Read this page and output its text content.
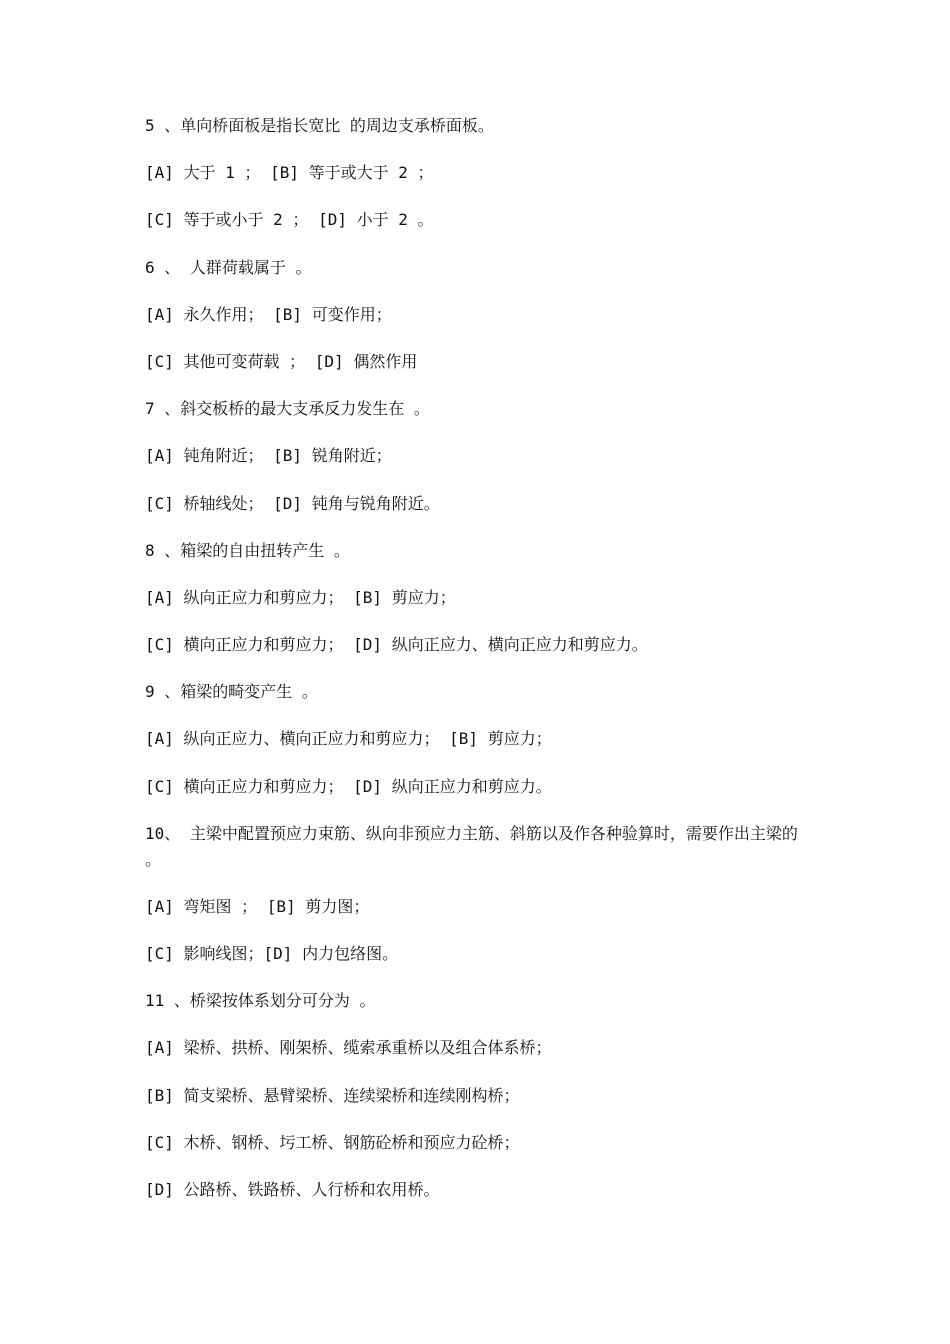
5 、单向桥面板是指长宽比 的周边支承桥面板。
[A] 大于 1 ； [B] 等于或大于 2 ；
[C] 等于或小于 2 ； [D] 小于 2 。
6 、 人群荷载属于 。
[A] 永久作用； [B] 可变作用；
[C] 其他可变荷载 ； [D] 偶然作用
7 、斜交板桥的最大支承反力发生在 。
[A] 钝角附近； [B] 锐角附近；
[C] 桥轴线处； [D] 钝角与锐角附近。
8 、箱梁的自由扭转产生 。
[A] 纵向正应力和剪应力； [B] 剪应力；
[C] 横向正应力和剪应力； [D] 纵向正应力、横向正应力和剪应力。
9 、箱梁的畸变产生 。
[A] 纵向正应力、横向正应力和剪应力； [B] 剪应力；
[C] 横向正应力和剪应力； [D] 纵向正应力和剪应力。
10、 主梁中配置预应力束筋、纵向非预应力主筋、斜筋以及作各种验算时，需要作出主梁的 。
[A] 弯矩图 ； [B] 剪力图；
[C] 影响线图；[D] 内力包络图。
11 、桥梁按体系划分可分为 。
[A] 梁桥、拱桥、刚架桥、缆索承重桥以及组合体系桥；
[B] 简支梁桥、悬臂梁桥、连续梁桥和连续刚构桥；
[C] 木桥、钢桥、圬工桥、钢筋砼桥和预应力砼桥；
[D] 公路桥、铁路桥、人行桥和农用桥。
